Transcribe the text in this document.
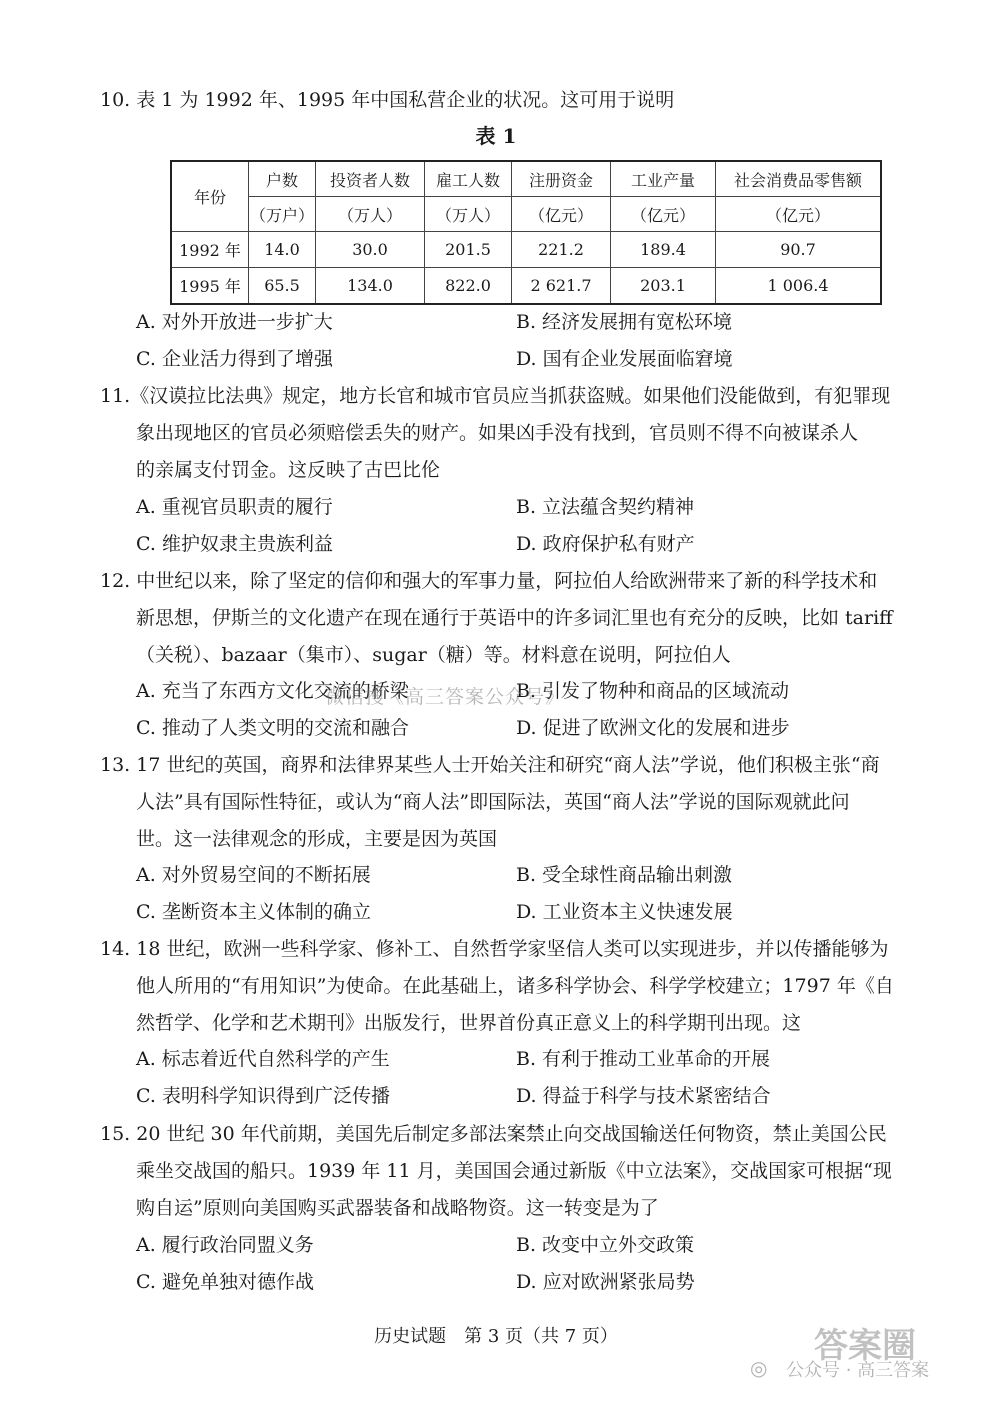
10. 表 1 为 1992 年、1995 年中国私营企业的状况。这可用于说明
表 1
年份	户数	投资者人数	雇工人数	注册资金	工业产量	社会消费品零售额
	（万户）	（万人）	（万人）	（亿元）	（亿元）	（亿元）
1992 年	14.0	30.0	201.5	221.2	189.4	90.7
1995 年	65.5	134.0	822.0	2 621.7	203.1	1 006.4
A. 对外开放进一步扩大	B. 经济发展拥有宽松环境
C. 企业活力得到了增强	D. 国有企业发展面临窘境
11.《汉谟拉比法典》规定，地方长官和城市官员应当抓获盗贼。如果他们没能做到，有犯罪现
象出现地区的官员必须赔偿丢失的财产。如果凶手没有找到，官员则不得不向被谋杀人
的亲属支付罚金。这反映了古巴比伦
A. 重视官员职责的履行	B. 立法蕴含契约精神
C. 维护奴隶主贵族利益	D. 政府保护私有财产
12. 中世纪以来，除了坚定的信仰和强大的军事力量，阿拉伯人给欧洲带来了新的科学技术和
新思想，伊斯兰的文化遗产在现在通行于英语中的许多词汇里也有充分的反映，比如 tariff
（关税）、bazaar（集市）、sugar（糖）等。材料意在说明，阿拉伯人
A. 充当了东西方文化交流的桥梁	B. 引发了物种和商品的区域流动
C. 推动了人类文明的交流和融合	D. 促进了欧洲文化的发展和进步
微信搜《高三答案公众号》
13. 17 世纪的英国，商界和法律界某些人士开始关注和研究“商人法”学说，他们积极主张“商
人法”具有国际性特征，或认为“商人法”即国际法，英国“商人法”学说的国际观就此问
世。这一法律观念的形成，主要是因为英国
A. 对外贸易空间的不断拓展	B. 受全球性商品输出刺激
C. 垄断资本主义体制的确立	D. 工业资本主义快速发展
14. 18 世纪，欧洲一些科学家、修补工、自然哲学家坚信人类可以实现进步，并以传播能够为
他人所用的“有用知识”为使命。在此基础上，诸多科学协会、科学学校建立；1797 年《自
然哲学、化学和艺术期刊》出版发行，世界首份真正意义上的科学期刊出现。这
A. 标志着近代自然科学的产生	B. 有利于推动工业革命的开展
C. 表明科学知识得到广泛传播	D. 得益于科学与技术紧密结合
15. 20 世纪 30 年代前期，美国先后制定多部法案禁止向交战国输送任何物资，禁止美国公民
乘坐交战国的船只。1939 年 11 月，美国国会通过新版《中立法案》，交战国家可根据“现
购自运”原则向美国购买武器装备和战略物资。这一转变是为了
A. 履行政治同盟义务	B. 改变中立外交政策
C. 避免单独对德作战	D. 应对欧洲紧张局势
历史试题　第 3 页（共 7 页）	答案圈
◎ 公众号 · 高三答案
